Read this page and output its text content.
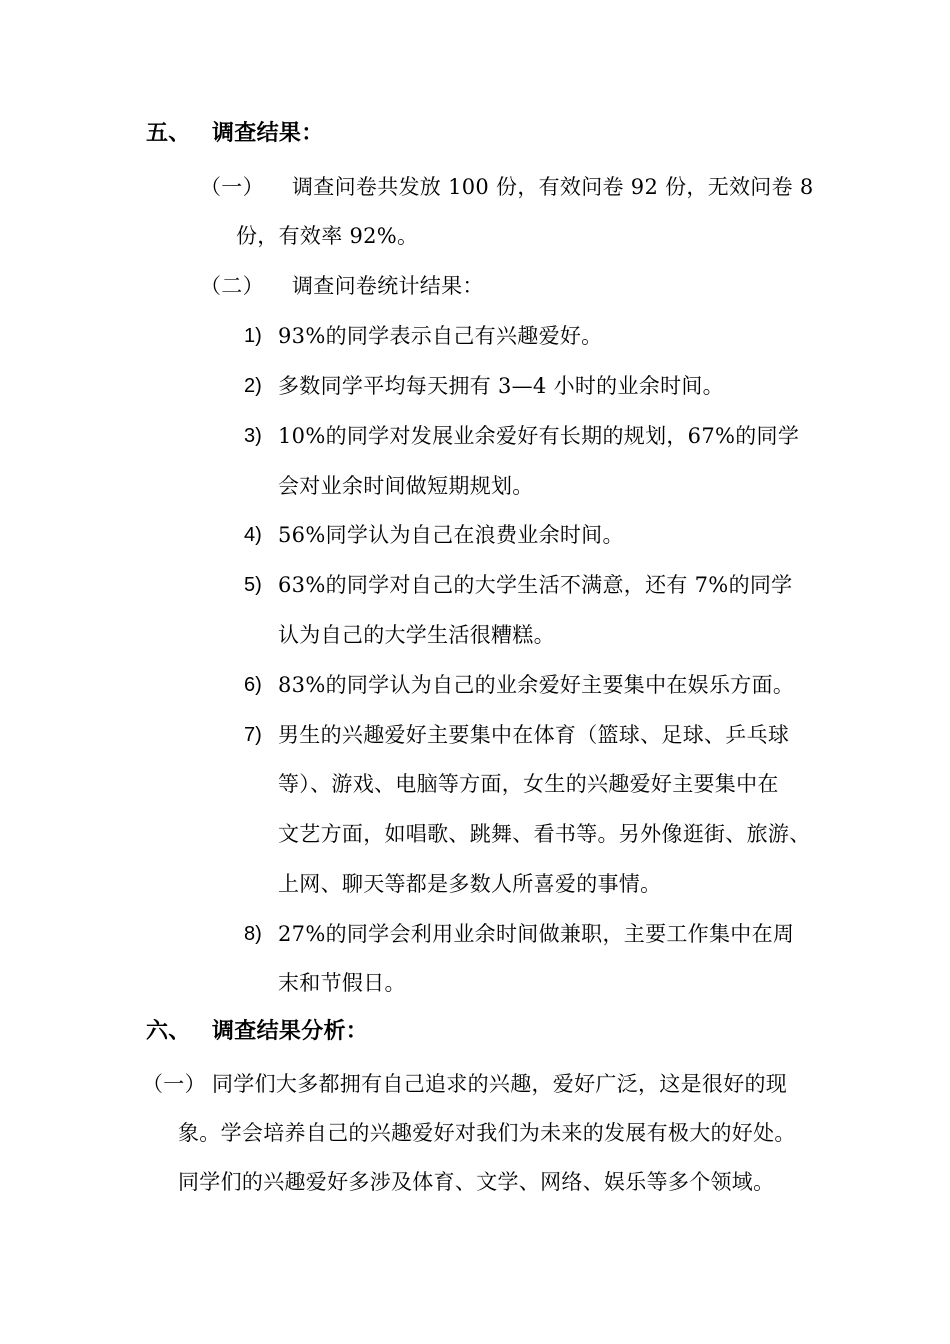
五、 调查结果：
（一） 调查问卷共发放 100 份，有效问卷 92 份，无效问卷 8
份，有效率 92%。
（二） 调查问卷统计结果：
1) 93%的同学表示自己有兴趣爱好。
2) 多数同学平均每天拥有 3—4 小时的业余时间。
3) 10%的同学对发展业余爱好有长期的规划，67%的同学
会对业余时间做短期规划。
4) 56%同学认为自己在浪费业余时间。
5) 63%的同学对自己的大学生活不满意，还有 7%的同学
认为自己的大学生活很糟糕。
6) 83%的同学认为自己的业余爱好主要集中在娱乐方面。
7) 男生的兴趣爱好主要集中在体育（篮球、足球、乒乓球
等）、游戏、电脑等方面，女生的兴趣爱好主要集中在
文艺方面，如唱歌、跳舞、看书等。另外像逛街、旅游、
上网、聊天等都是多数人所喜爱的事情。
8) 27%的同学会利用业余时间做兼职，主要工作集中在周
末和节假日。
六、 调查结果分析：
（一） 同学们大多都拥有自己追求的兴趣，爱好广泛，这是很好的现
象。学会培养自己的兴趣爱好对我们为未来的发展有极大的好处。
同学们的兴趣爱好多涉及体育、文学、网络、娱乐等多个领域。
